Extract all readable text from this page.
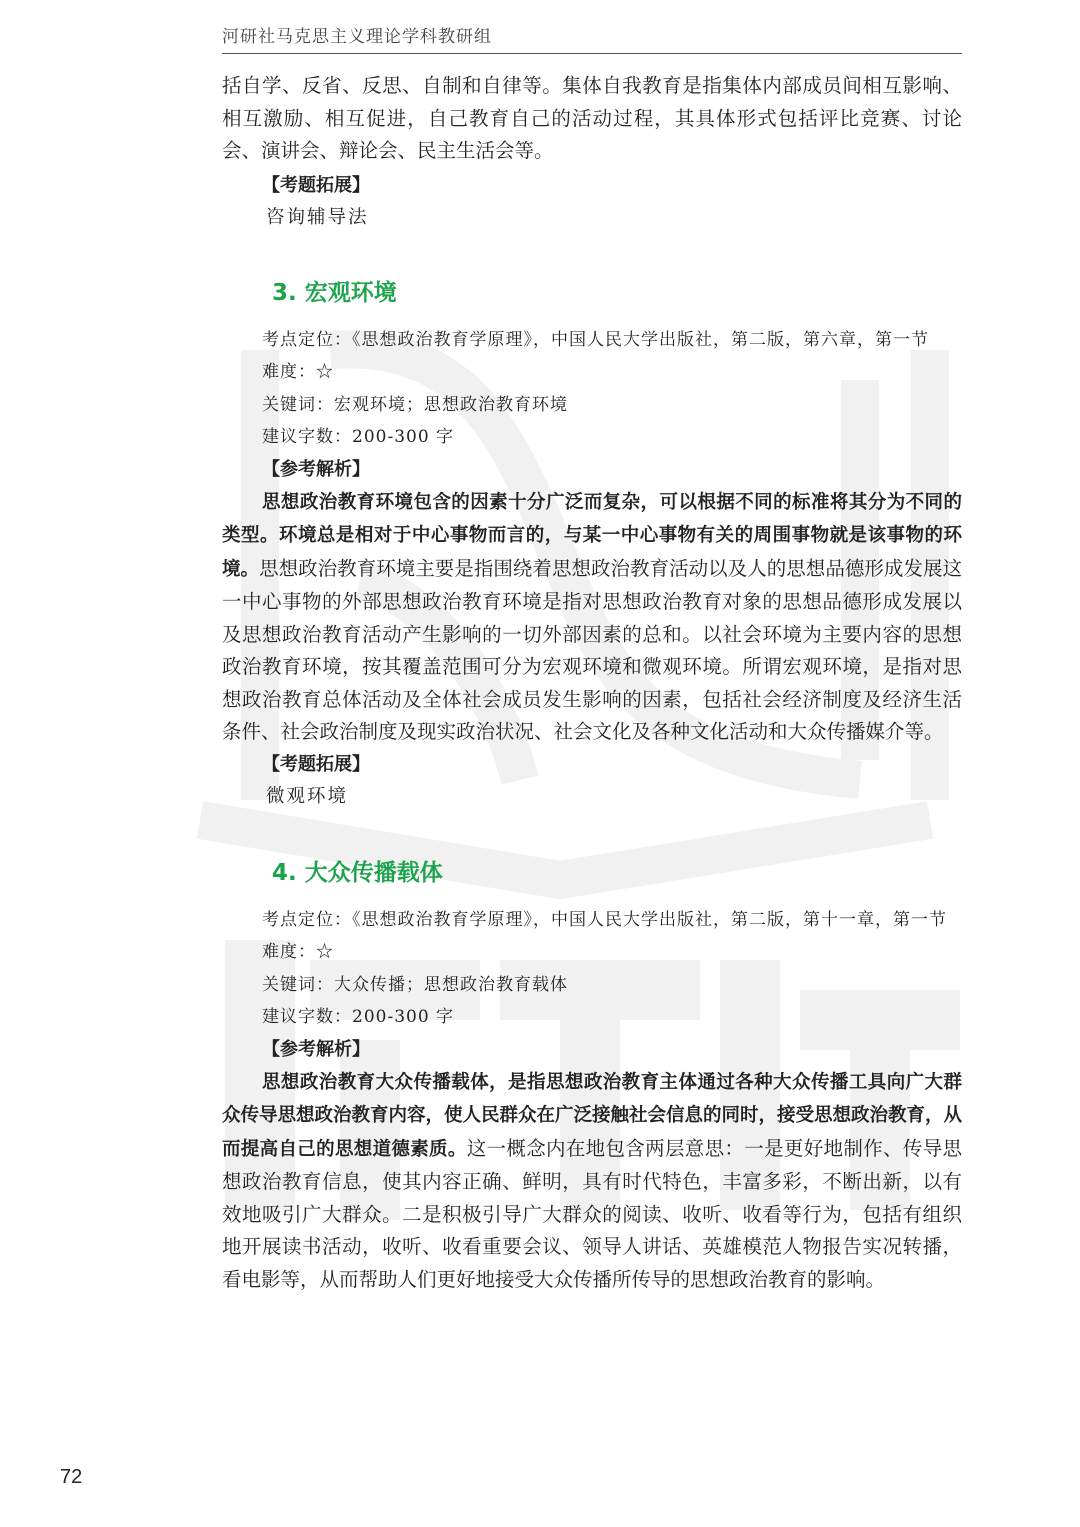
河研社马克思主义理论学科教研组

括自学、反省、反思、自制和自律等。集体自我教育是指集体内部成员间相互影响、相互激励、相互促进，自己教育自己的活动过程，其具体形式包括评比竞赛、讨论会、演讲会、辩论会、民主生活会等。

【考题拓展】

咨询辅导法

3. 宏观环境

考点定位：《思想政治教育学原理》，中国人民大学出版社，第二版，第六章，第一节

难度：☆

关键词：宏观环境；思想政治教育环境

建议字数：200-300 字

【参考解析】

思想政治教育环境包含的因素十分广泛而复杂，可以根据不同的标准将其分为不同的类型。环境总是相对于中心事物而言的，与某一中心事物有关的周围事物就是该事物的环境。思想政治教育环境主要是指围绕着思想政治教育活动以及人的思想品德形成发展这一中心事物的外部思想政治教育环境是指对思想政治教育对象的思想品德形成发展以及思想政治教育活动产生影响的一切外部因素的总和。以社会环境为主要内容的思想政治教育环境，按其覆盖范围可分为宏观环境和微观环境。所谓宏观环境，是指对思想政治教育总体活动及全体社会成员发生影响的因素，包括社会经济制度及经济生活条件、社会政治制度及现实政治状况、社会文化及各种文化活动和大众传播媒介等。

【考题拓展】

微观环境

4. 大众传播载体

考点定位：《思想政治教育学原理》，中国人民大学出版社，第二版，第十一章，第一节

难度：☆

关键词：大众传播；思想政治教育载体

建议字数：200-300 字

【参考解析】

思想政治教育大众传播载体，是指思想政治教育主体通过各种大众传播工具向广大群众传导思想政治教育内容，使人民群众在广泛接触社会信息的同时，接受思想政治教育，从而提高自己的思想道德素质。这一概念内在地包含两层意思：一是更好地制作、传导思想政治教育信息，使其内容正确、鲜明，具有时代特色，丰富多彩，不断出新，以有效地吸引广大群众。二是积极引导广大群众的阅读、收听、收看等行为，包括有组织地开展读书活动，收听、收看重要会议、领导人讲话、英雄模范人物报告实况转播，看电影等，从而帮助人们更好地接受大众传播所传导的思想政治教育的影响。

72
